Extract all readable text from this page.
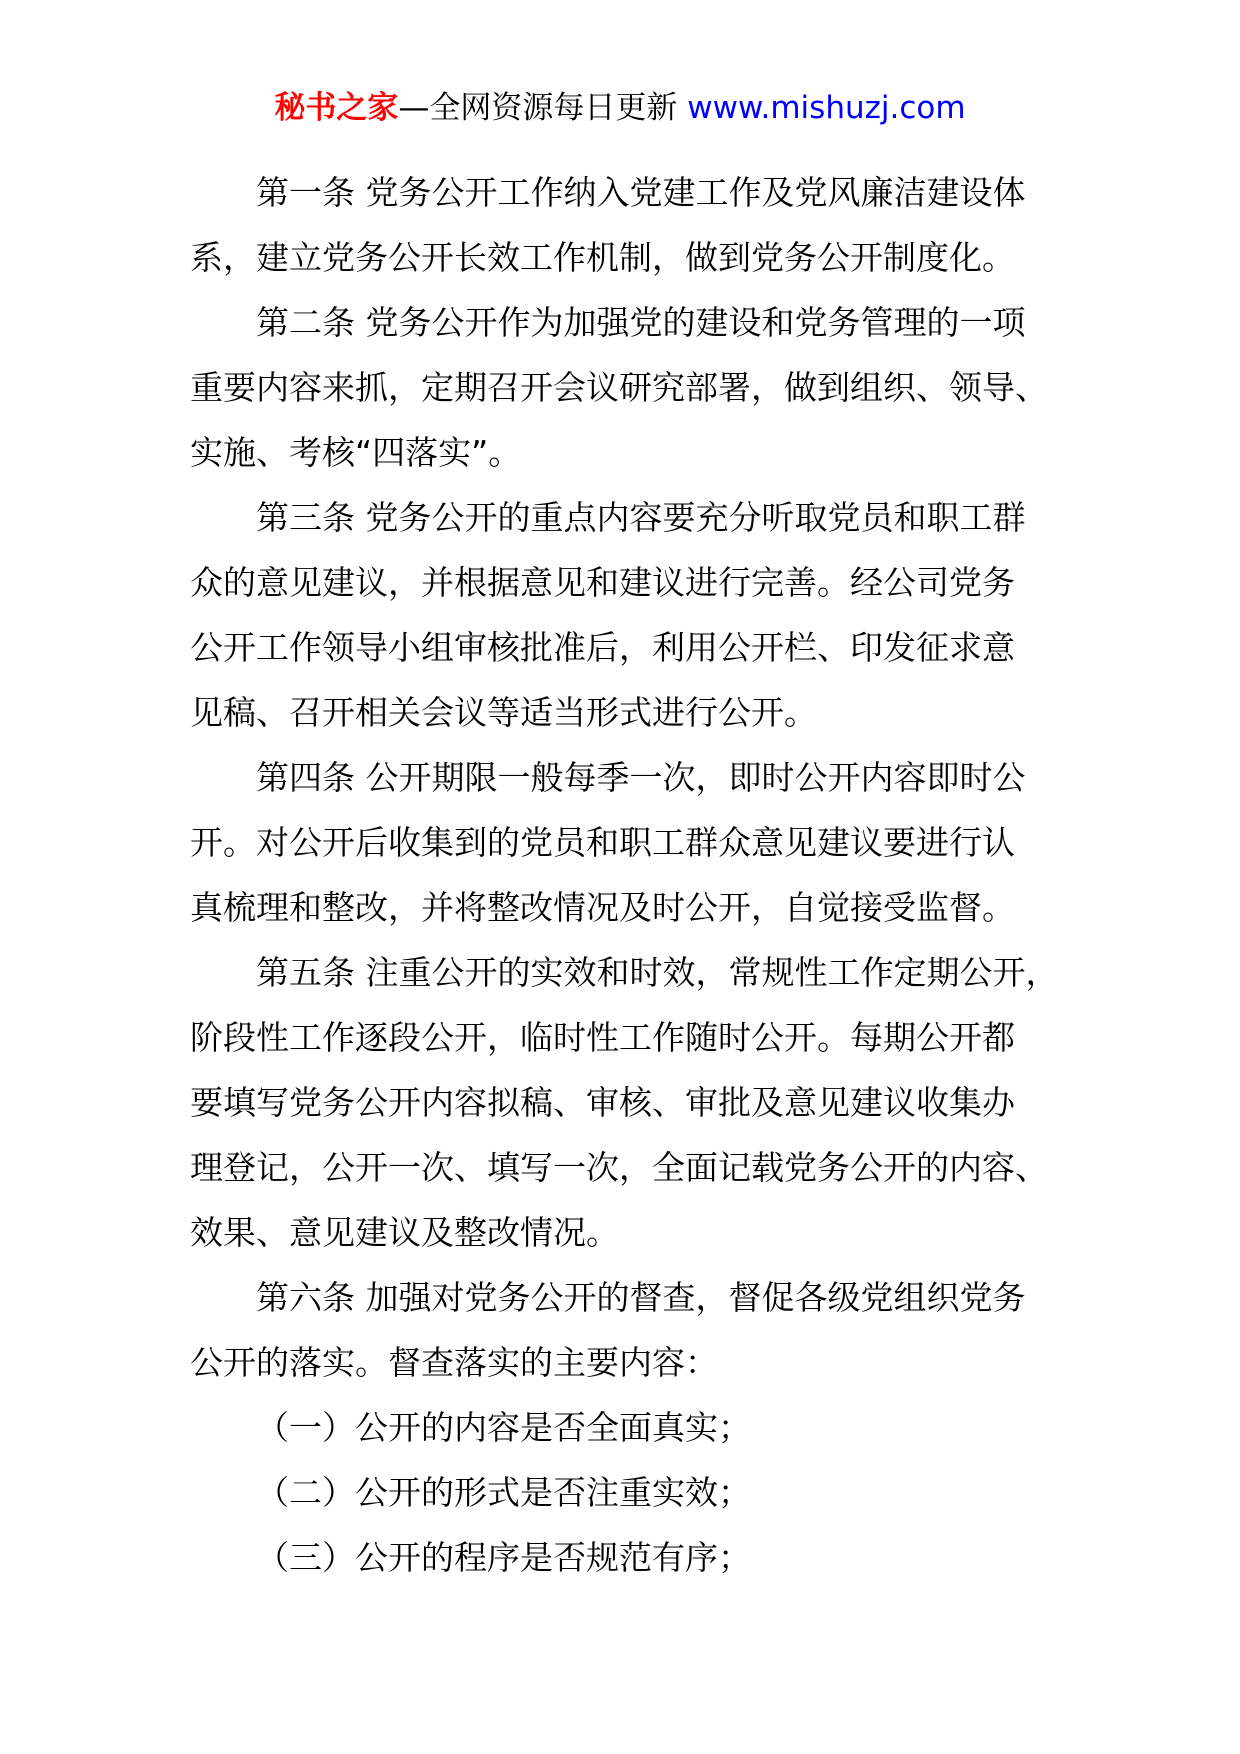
秘书之家—全网资源每日更新 www.mishuzj.com
第一条 党务公开工作纳入党建工作及党风廉洁建设体
系，建立党务公开长效工作机制，做到党务公开制度化。
第二条 党务公开作为加强党的建设和党务管理的一项
重要内容来抓，定期召开会议研究部署，做到组织、领导、
实施、考核“四落实”。
第三条 党务公开的重点内容要充分听取党员和职工群
众的意见建议，并根据意见和建议进行完善。经公司党务
公开工作领导小组审核批准后，利用公开栏、印发征求意
见稿、召开相关会议等适当形式进行公开。
第四条 公开期限一般每季一次，即时公开内容即时公
开。对公开后收集到的党员和职工群众意见建议要进行认
真梳理和整改，并将整改情况及时公开，自觉接受监督。
第五条 注重公开的实效和时效，常规性工作定期公开，
阶段性工作逐段公开，临时性工作随时公开。每期公开都
要填写党务公开内容拟稿、审核、审批及意见建议收集办
理登记，公开一次、填写一次，全面记载党务公开的内容、
效果、意见建议及整改情况。
第六条 加强对党务公开的督查，督促各级党组织党务
公开的落实。督查落实的主要内容：
（一）公开的内容是否全面真实；
（二）公开的形式是否注重实效；
（三）公开的程序是否规范有序；
